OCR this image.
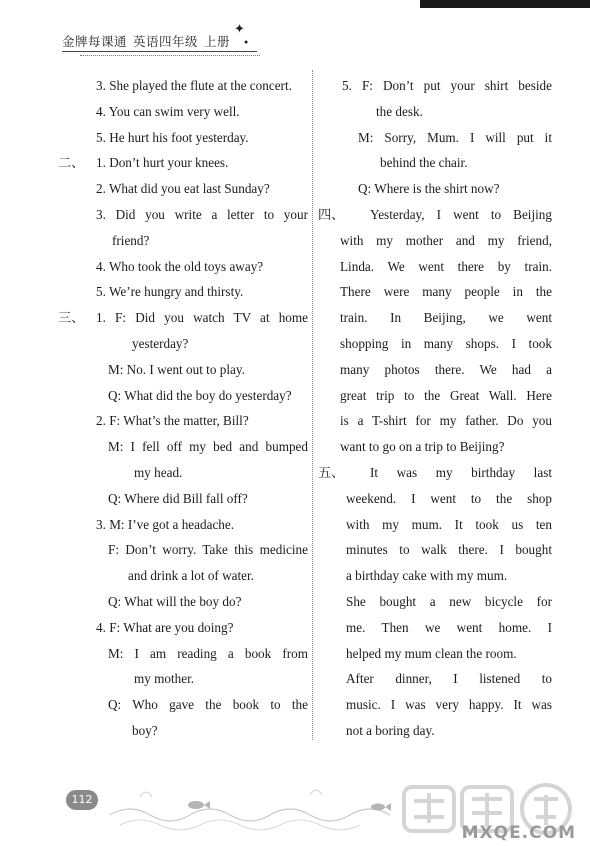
金牌每课通 英语四年级 上册
✦
●
3. She played the flute at the concert.
4. You can swim very well.
5. He hurt his foot yesterday.
二、 1. Don’t hurt your knees.
2. What did you eat last Sunday?
3. Did you write a letter to your
friend?
4. Who took the old toys away?
5. We’re hungry and thirsty.
三、 1. F: Did you watch TV at home
yesterday?
M: No. I went out to play.
Q: What did the boy do yesterday?
2. F: What’s the matter, Bill?
M: I fell off my bed and bumped
my head.
Q: Where did Bill fall off?
3. M: I’ve got a headache.
F: Don’t worry. Take this medicine
and drink a lot of water.
Q: What will the boy do?
4. F: What are you doing?
M: I am reading a book from
my mother.
Q: Who gave the book to the
boy?
5. F: Don’t put your shirt beside
the desk.
M: Sorry, Mum. I will put it
behind the chair.
Q: Where is the shirt now?
四、 Yesterday, I went to Beijing
with my mother and my friend,
Linda. We went there by train.
There were many people in the
train. In Beijing, we went
shopping in many shops. I took
many photos there. We had a
great trip to the Great Wall. Here
is a T-shirt for my father. Do you
want to go on a trip to Beijing?
五、 It was my birthday last
weekend. I went to the shop
with my mum. It took us ten
minutes to walk there. I bought
a birthday cake with my mum.
She bought a new bicycle for
me. Then we went home. I
helped my mum clean the room.
After dinner, I listened to
music. I was very happy. It was
not a boring day.
112
MXQE.COM
